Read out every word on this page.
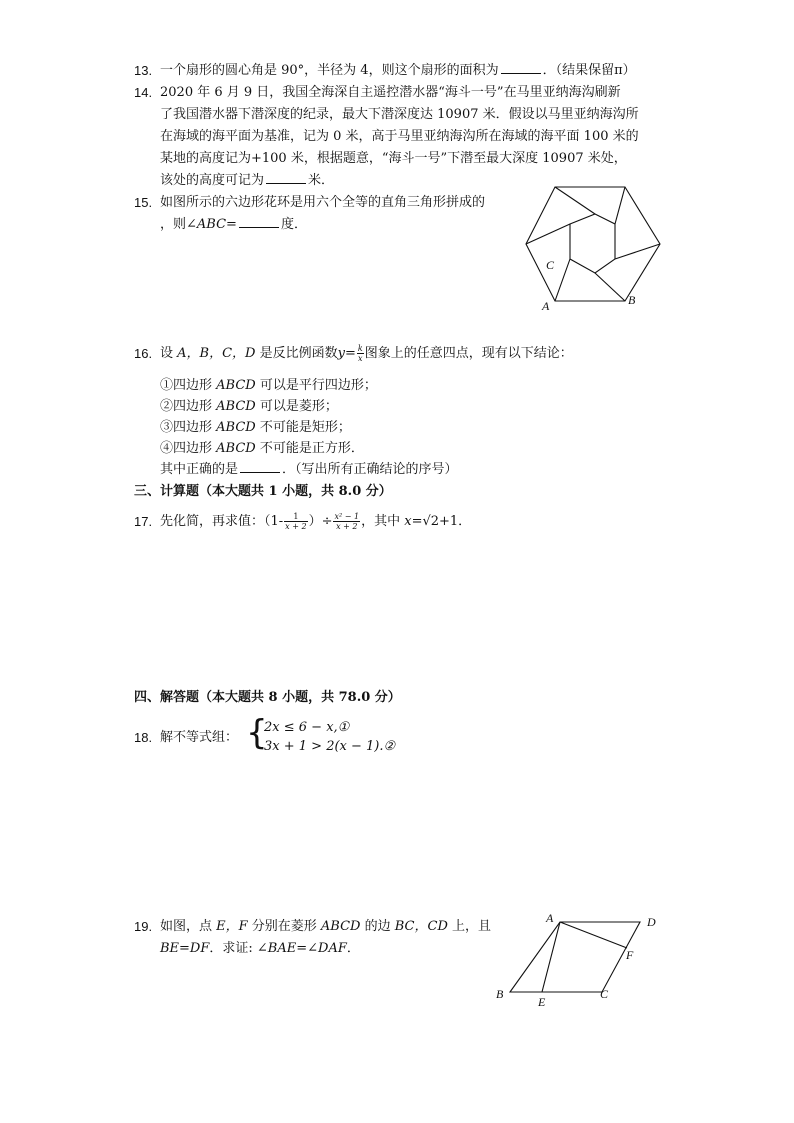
13. 一个扇形的圆心角是 90°，半径为 4，则这个扇形的面积为	．（结果保留π）
14. 2020 年 6 月 9 日，我国全海深自主遥控潜水器“海斗一号”在马里亚纳海沟刷新
了我国潜水器下潜深度的纪录，最大下潜深度达 10907 米．假设以马里亚纳海沟所
在海域的海平面为基准，记为 0 米，高于马里亚纳海沟所在海域的海平面 100 米的
某地的高度记为+100 米，根据题意，“海斗一号”下潜至最大深度 10907 米处，
该处的高度可记为	米．
15. 如图所示的六边形花环是用六个全等的直角三角形拼成的
，则∠ABC=	度．
C
A	B
16. 设 A，B，C，D 是反比例函数$y= \frac{k}{x}$ 图象上的任意四点，现有以下结论：
①四边形 ABCD 可以是平行四边形；
②四边形 ABCD 可以是菱形；
③四边形 ABCD 不可能是矩形；
④四边形 ABCD 不可能是正方形．
其中正确的是	．（写出所有正确结论的序号）
三、计算题（本大题共 1 小题，共 8.0 分）
17. 先化简，再求值：（$1- \frac{1}{x + 2}$ ）÷ $\frac{\text{x² − 1}}{x + 2}$ ，其中 x=√2+1．
四、解答题（本大题共 8 小题，共 78.0 分）
18. 解不等式组： {
2x ≤ 6 − x,①
3x + 1 > 2(x − 1).②
19. 如图，点 E，F 分别在菱形 ABCD 的边 BC，CD 上，且
BE=DF．求证: ∠BAE=∠DAF．
A	D
F
B
E
C
